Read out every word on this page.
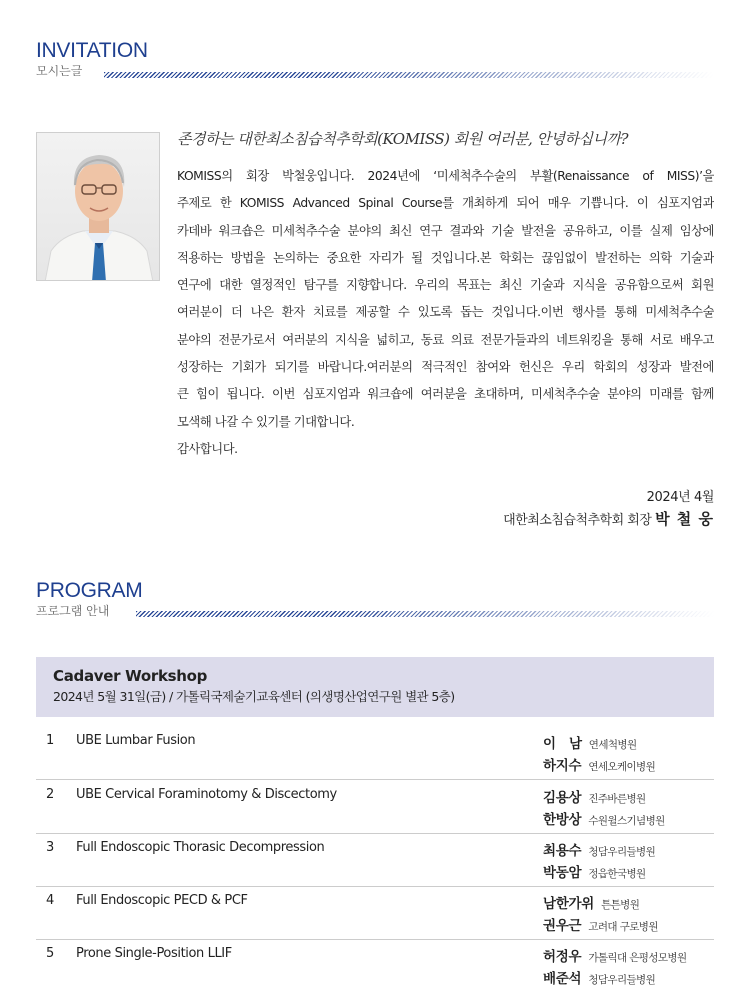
INVITATION
모시는글
존경하는 대한최소침습척추학회(KOMISS) 회원 여러분, 안녕하십니까?

KOMISS의 회장 박철웅입니다. 2024년에 ‘미세척추수술의 부활(Renaissance of MISS)’을

주제로 한 KOMISS Advanced Spinal Course를 개최하게 되어 매우 기쁩니다. 이 심포지엄과

카데바 워크숍은 미세척추수술 분야의 최신 연구 결과와 기술 발전을 공유하고, 이를 실제 임상에

적용하는 방법을 논의하는 중요한 자리가 될 것입니다.본 학회는 끊임없이 발전하는 의학 기술과

연구에 대한 열정적인 탐구를 지향합니다. 우리의 목표는 최신 기술과 지식을 공유함으로써 회원

여러분이 더 나은 환자 치료를 제공할 수 있도록 돕는 것입니다.이번 행사를 통해 미세척추수술

분야의 전문가로서 여러분의 지식을 넓히고, 동료 의료 전문가들과의 네트워킹을 통해 서로 배우고

성장하는 기회가 되기를 바랍니다.여러분의 적극적인 참여와 헌신은 우리 학회의 성장과 발전에

큰 힘이 됩니다. 이번 심포지엄과 워크숍에 여러분을 초대하며, 미세척추수술 분야의 미래를 함께

모색해 나갈 수 있기를 기대합니다.

감사합니다.

2024년 4월
대한최소침습척추학회 회장 박 철 웅
PROGRAM
프로그램 안내
Cadaver Workshop
2024년 5월 31일(금) / 가톨릭국제술기교육센터 (의생명산업연구원 별관 5층)
1 UBE Lumbar Fusion	이   남 연세척병원
하지수 연세오케이병원
2 UBE Cervical Foraminotomy & Discectomy	김용상 진주바른병원
한방상 수원윌스기념병원
3 Full Endoscopic Thorasic Decompression	최용수 청담우리들병원
박동암 정읍한국병원
4 Full Endoscopic PECD & PCF	남한가위 튼튼병원
권우근 고려대 구로병원
5 Prone Single-Position LLIF	허정우 가톨릭대 은평성모병원
배준석 청담우리들병원
